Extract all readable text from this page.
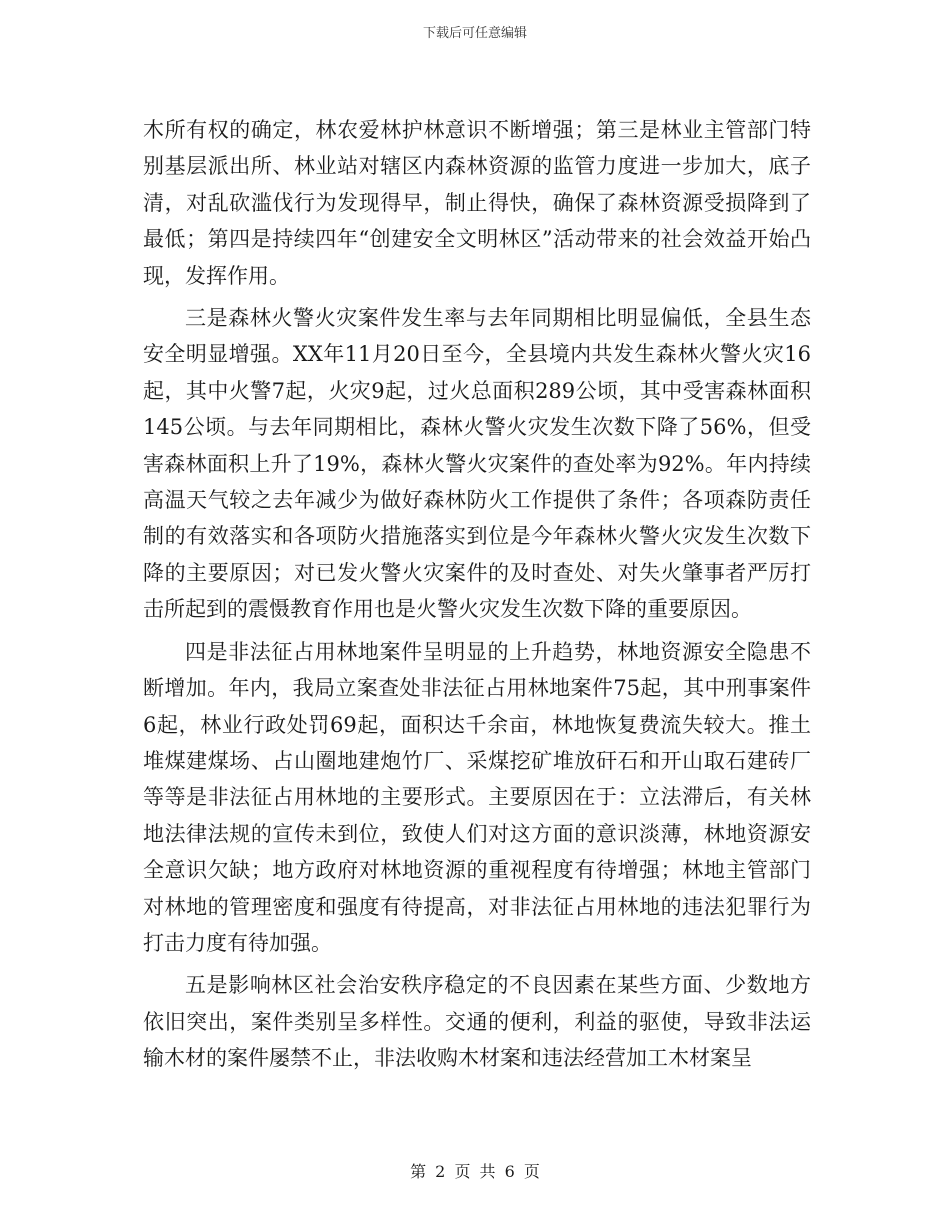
下载后可任意编辑

木所有权的确定，林农爱林护林意识不断增强；第三是林业主管部门特别基层派出所、林业站对辖区内森林资源的监管力度进一步加大，底子清，对乱砍滥伐行为发现得早，制止得快，确保了森林资源受损降到了最低；第四是持续四年“创建安全文明林区”活动带来的社会效益开始凸现，发挥作用。

三是森林火警火灾案件发生率与去年同期相比明显偏低，全县生态安全明显增强。XX年11月20日至今，全县境内共发生森林火警火灾16起，其中火警7起，火灾9起，过火总面积289公顷，其中受害森林面积145公顷。与去年同期相比，森林火警火灾发生次数下降了56%，但受害森林面积上升了19%，森林火警火灾案件的查处率为92%。年内持续高温天气较之去年减少为做好森林防火工作提供了条件；各项森防责任制的有效落实和各项防火措施落实到位是今年森林火警火灾发生次数下降的主要原因；对已发火警火灾案件的及时查处、对失火肇事者严厉打击所起到的震慑教育作用也是火警火灾发生次数下降的重要原因。

四是非法征占用林地案件呈明显的上升趋势，林地资源安全隐患不断增加。年内，我局立案查处非法征占用林地案件75起，其中刑事案件6起，林业行政处罚69起，面积达千余亩，林地恢复费流失较大。推土堆煤建煤场、占山圈地建炮竹厂、采煤挖矿堆放矸石和开山取石建砖厂等等是非法征占用林地的主要形式。主要原因在于：立法滞后，有关林地法律法规的宣传未到位，致使人们对这方面的意识淡薄，林地资源安全意识欠缺；地方政府对林地资源的重视程度有待增强；林地主管部门对林地的管理密度和强度有待提高，对非法征占用林地的违法犯罪行为打击力度有待加强。

五是影响林区社会治安秩序稳定的不良因素在某些方面、少数地方依旧突出，案件类别呈多样性。交通的便利，利益的驱使，导致非法运输木材的案件屡禁不止，非法收购木材案和违法经营加工木材案呈

第 2 页 共 6 页
